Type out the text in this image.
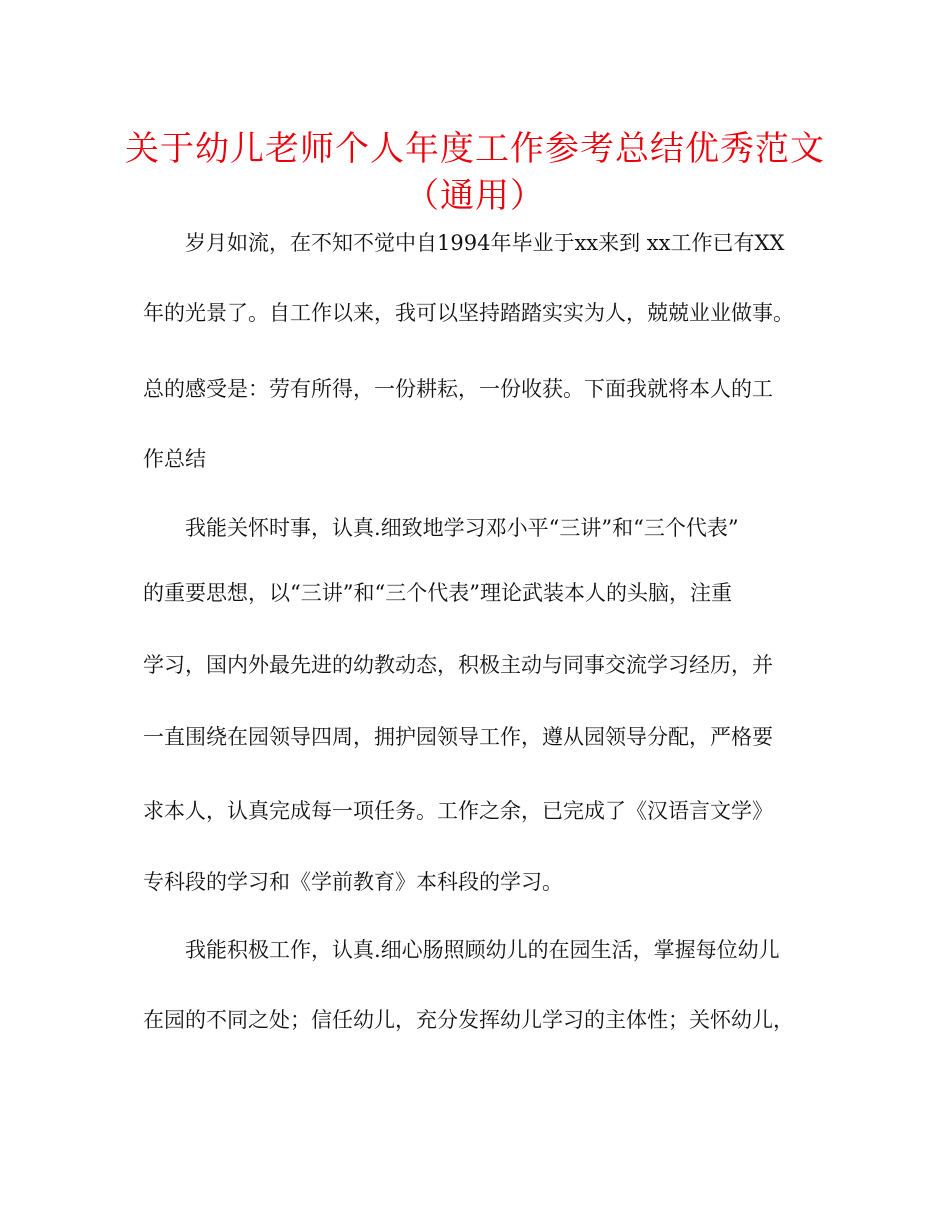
关于幼儿老师个人年度工作参考总结优秀范文
（通用）
岁月如流，在不知不觉中自1994年毕业于xx来到 xx工作已有XX
年的光景了。自工作以来，我可以坚持踏踏实实为人，兢兢业业做事。
总的感受是：劳有所得，一份耕耘，一份收获。下面我就将本人的工
作总结
我能关怀时事，认真.细致地学习邓小平“三讲”和“三个代表”
的重要思想，以“三讲”和“三个代表”理论武装本人的头脑，注重
学习，国内外最先进的幼教动态，积极主动与同事交流学习经历，并
一直围绕在园领导四周，拥护园领导工作，遵从园领导分配，严格要
求本人，认真完成每一项任务。工作之余，已完成了《汉语言文学》
专科段的学习和《学前教育》本科段的学习。
我能积极工作，认真.细心肠照顾幼儿的在园生活，掌握每位幼儿
在园的不同之处；信任幼儿，充分发挥幼儿学习的主体性；关怀幼儿，
